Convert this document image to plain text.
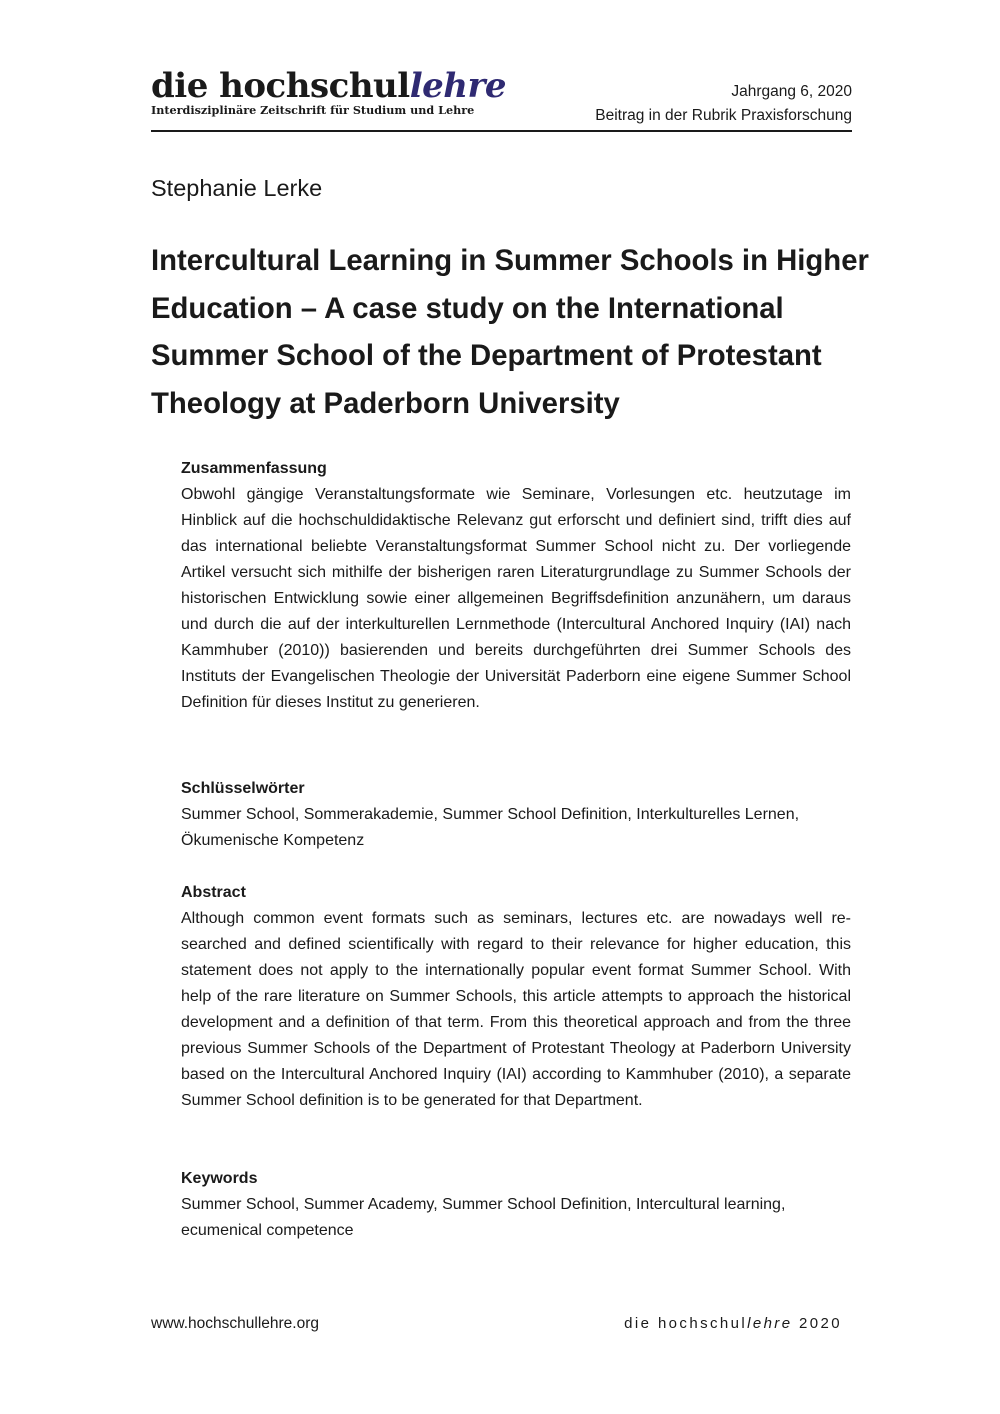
die hochschullehre
Interdisziplinäre Zeitschrift für Studium und Lehre
Jahrgang 6, 2020
Beitrag in der Rubrik Praxisforschung
Stephanie Lerke
Intercultural Learning in Summer Schools in Higher Education – A case study on the International Summer School of the Department of Protestant Theology at Paderborn University
Zusammenfassung

Obwohl gängige Veranstaltungsformate wie Seminare, Vorlesungen etc. heutzutage im Hinblick auf die hochschuldidaktische Relevanz gut erforscht und definiert sind, trifft dies auf das international beliebte Veranstaltungsformat Summer School nicht zu. Der vorliegende Artikel versucht sich mithilfe der bisherigen raren Literaturgrundlage zu Summer Schools der historischen Entwicklung sowie einer allgemeinen Begriffsdefinition anzunähern, um daraus und durch die auf der interkulturellen Lernmethode (Intercultural Anchored Inquiry (IAI) nach Kammhuber (2010)) basierenden und bereits durchgeführten drei Summer Schools des Instituts der Evangelischen Theologie der Universität Paderborn eine eigene Summer School Definition für dieses Institut zu generieren.

Schlüsselwörter

Summer School, Sommerakademie, Summer School Definition, Interkulturelles Lernen, Ökumenische Kompetenz

Abstract

Although common event formats such as seminars, lectures etc. are nowadays well researched and defined scientifically with regard to their relevance for higher education, this statement does not apply to the internationally popular event format Summer School. With help of the rare literature on Summer Schools, this article attempts to approach the historical development and a definition of that term. From this theoretical approach and from the three previous Summer Schools of the Department of Protestant Theology at Paderborn University based on the Intercultural Anchored Inquiry (IAI) according to Kammhuber (2010), a separate Summer School definition is to be generated for that Department.

Keywords

Summer School, Summer Academy, Summer School Definition, Intercultural learning, ecumenical competence

www.hochschullehre.org	die hochschullehre 2020
